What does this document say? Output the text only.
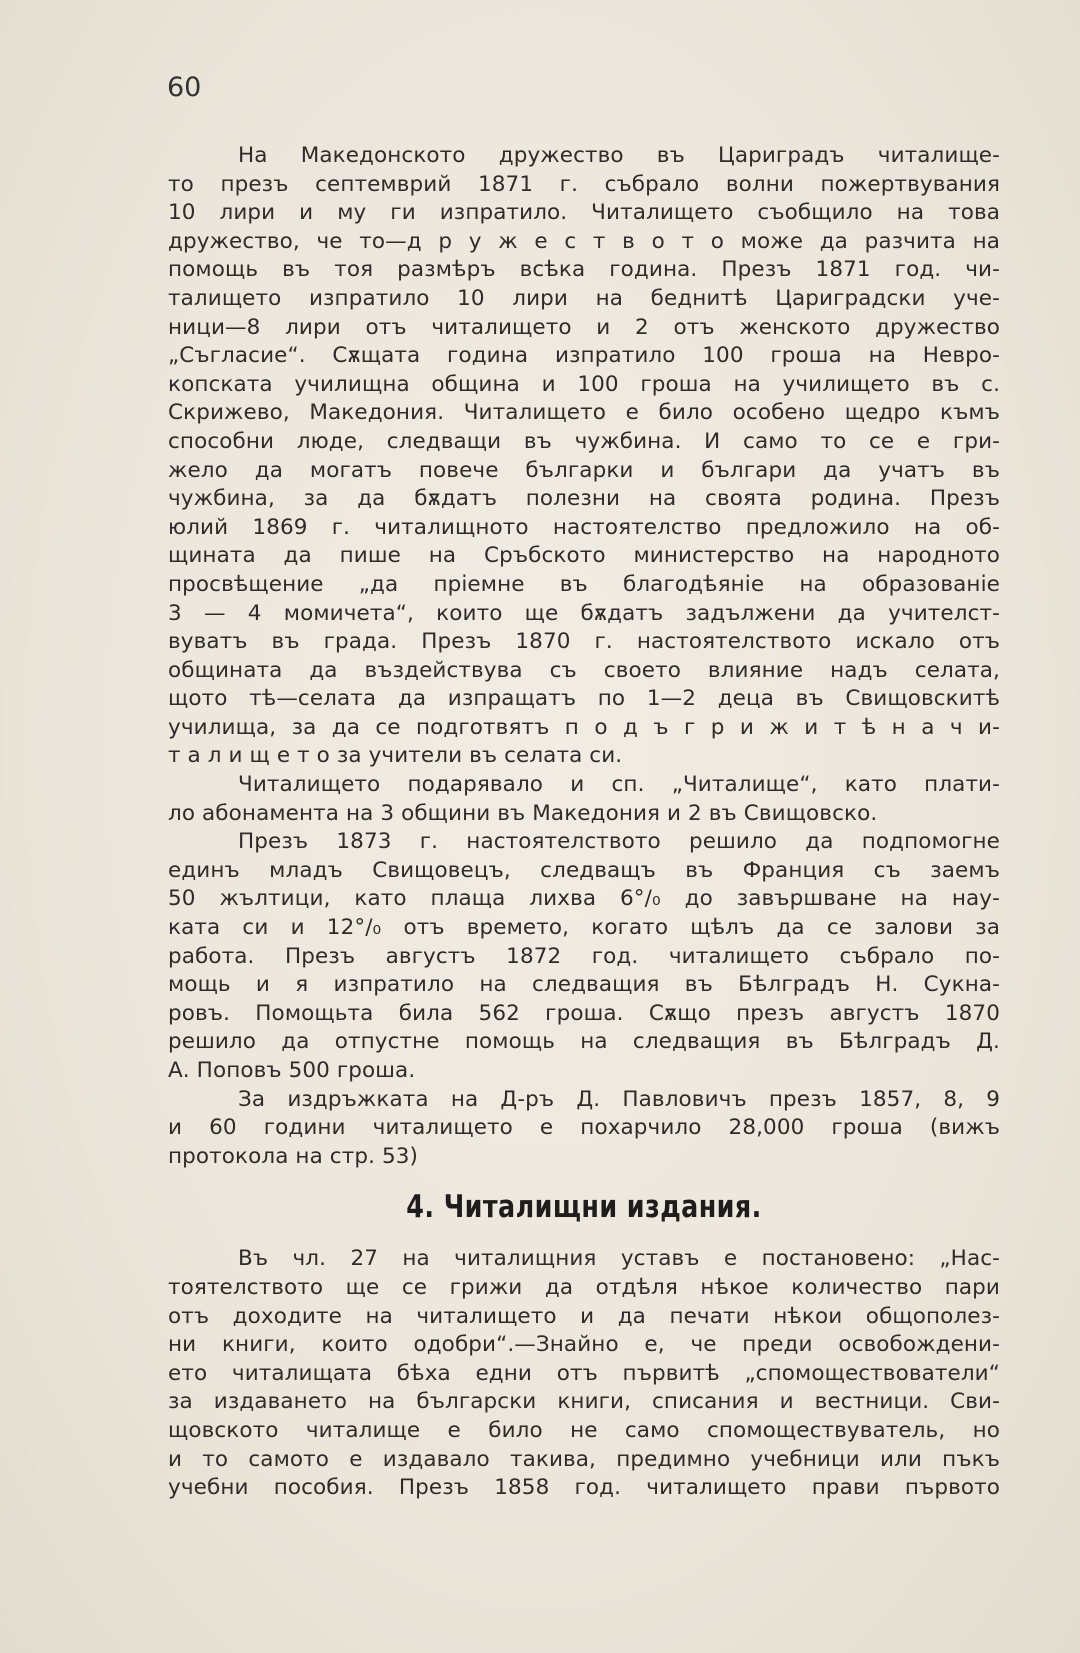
60
На Македонското дружество въ Цариградъ читалище-
то презъ септемврий 1871 г. събрало волни пожертвувания
10 лири и му ги изпратило. Читалището съобщило на това
дружество, че то—д р у ж е с т в о т о може да разчита на
помощь въ тоя размѣръ всѣка година. Презъ 1871 год. чи-
талището изпратило 10 лири на беднитѣ Цариградски уче-
ници—8 лири отъ читалището и 2 отъ женското дружество
„Съгласие“. Сѫщата година изпратило 100 гроша на Невро-
копската училищна община и 100 гроша на училището въ с.
Скрижево, Македония. Читалището е било особено щедро къмъ
способни люде, следващи въ чужбина. И само то се е гри-
жело да могатъ повече българки и българи да учатъ въ
чужбина, за да бѫдатъ полезни на своята родина. Презъ
юлий 1869 г. читалищното настоятелство предложило на об-
щината да пише на Сръбското министерство на народното
просвѣщение „да прiемне въ благодѣянiе на образованiе
3 — 4 момичета“, които ще бѫдатъ задължени да учителст-
вуватъ въ града. Презъ 1870 г. настоятелството искало отъ
общината да въздействува съ своето влияние надъ селата,
щото тѣ—селата да изпращатъ по 1—2 деца въ Свищовскитѣ
училища, за да се подготвятъ п о д ъ г р и ж и т ѣ н а ч и-
т а л и щ е т о за учители въ селата си.
Читалището подарявало и сп. „Читалище“, като плати-
ло абонамента на 3 общини въ Македония и 2 въ Свищовско.
Презъ 1873 г. настоятелството решило да подпомогне
единъ младъ Свищовецъ, следващъ въ Франция съ заемъ
50 жълтици, като плаща лихва 6°/₀ до завършване на нау-
ката си и 12°/₀ отъ времето, когато щѣлъ да се залови за
работа. Презъ августъ 1872 год. читалището събрало по-
мощь и я изпратило на следващия въ Бѣлградъ Н. Сукна-
ровъ. Помощьта била 562 гроша. Сѫщо презъ августъ 1870
решило да отпустне помощь на следващия въ Бѣлградъ Д.
А. Поповъ 500 гроша.
За издръжката на Д-ръ Д. Павловичъ презъ 1857, 8, 9
и 60 години читалището е похарчило 28,000 гроша (вижъ
протокола на стр. 53)
4. Читалищни издания.
Въ чл. 27 на читалищния уставъ е постановено: „Нас-
тоятелството ще се грижи да отдѣля нѣкое количество пари
отъ доходите на читалището и да печати нѣкои общополез-
ни книги, които одобри“.—Знайно е, че преди освобождени-
ето читалищата бѣха едни отъ първитѣ „спомоществователи“
за издаването на български книги, списания и вестници. Сви-
щовското читалище е било не само спомоществуватель, но
и то самото е издавало такива, предимно учебници или пъкъ
учебни пособия. Презъ 1858 год. читалището прави първото
